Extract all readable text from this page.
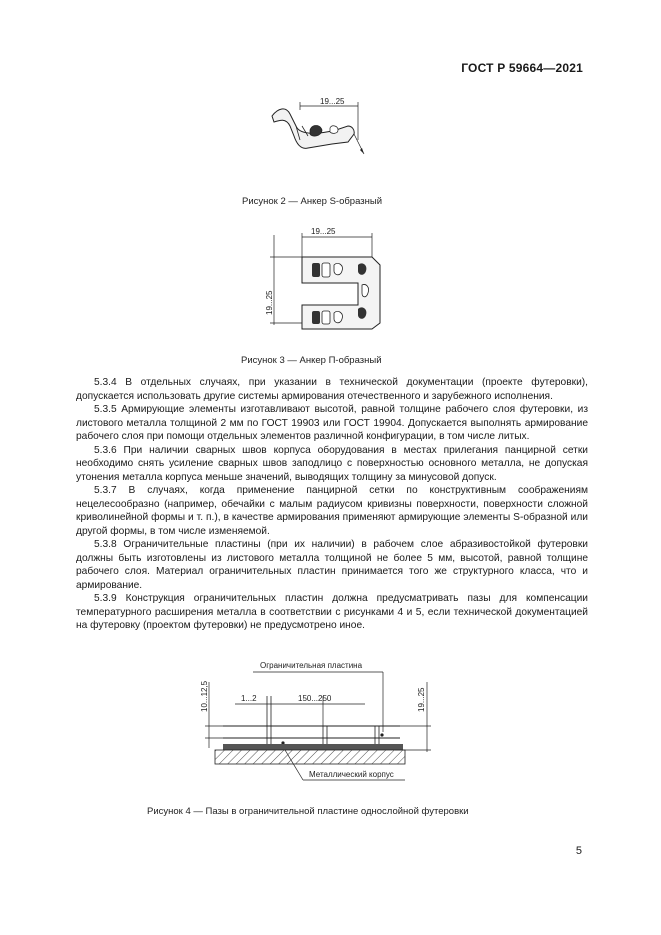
ГОСТ Р 59664—2021
19...25
Рисунок 2 — Анкер S-образный
19...25
19...25
Рисунок 3 — Анкер П-образный

5.3.4 В отдельных случаях, при указании в технической документации (проекте футеровки), допускается использовать другие системы армирования отечественного и зарубежного исполнения.

5.3.5 Армирующие элементы изготавливают высотой, равной толщине рабочего слоя футеровки, из листового металла толщиной 2 мм по ГОСТ 19903 или ГОСТ 19904. Допускается выполнять армирование рабочего слоя при помощи отдельных элементов различной конфигурации, в том числе литых.

5.3.6 При наличии сварных швов корпуса оборудования в местах прилегания панцирной сетки необходимо снять усиление сварных швов заподлицо с поверхностью основного металла, не допуская утонения металла корпуса меньше значений, выводящих толщину за минусовой допуск.

5.3.7 В случаях, когда применение панцирной сетки по конструктивным соображениям нецелесообразно (например, обечайки с малым радиусом кривизны поверхности, поверхности сложной криволинейной формы и т. п.), в качестве армирования применяют армирующие элементы S-образной или другой формы, в том числе изменяемой.

5.3.8 Ограничительные пластины (при их наличии) в рабочем слое абразивостойкой футеровки должны быть изготовлены из листового металла толщиной не более 5 мм, высотой, равной толщине рабочего слоя. Материал ограничительных пластин принимается того же структурного класса, что и армирование.

5.3.9 Конструкция ограничительных пластин должна предусматривать пазы для компенсации температурного расширения металла в соответствии с рисунками 4 и 5, если технической документацией на футеровку (проектом футеровки) не предусмотрено иное.

Ограничительная пластина
10...12,5	19...25
1...2	150...250
Металлический корпус
Рисунок 4 — Пазы в ограничительной пластине однослойной футеровки
5
